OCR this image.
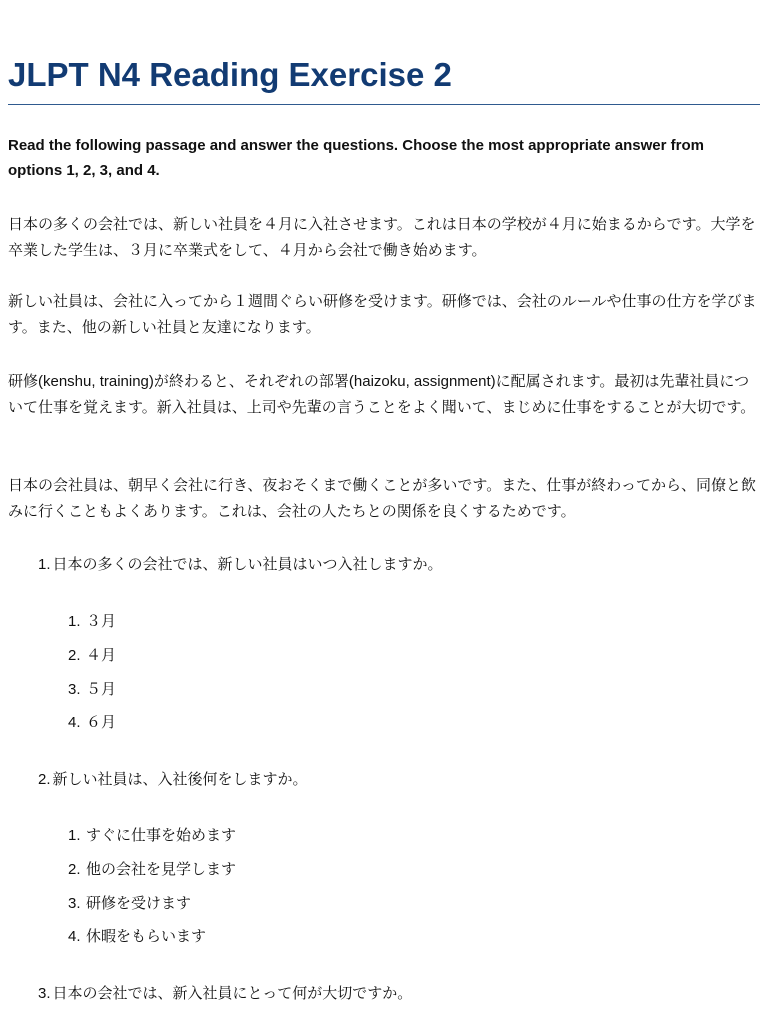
JLPT N4 Reading Exercise 2

Read the following passage and answer the questions. Choose the most appropriate answer from options 1, 2, 3, and 4.

日本の多くの会社では、新しい社員を４月に入社させます。これは日本の学校が４月に始まるからです。大学を卒業した学生は、３月に卒業式をして、４月から会社で働き始めます。

新しい社員は、会社に入ってから１週間ぐらい研修を受けます。研修では、会社のルールや仕事の仕方を学びます。また、他の新しい社員と友達になります。

研修(kenshu, training)が終わると、それぞれの部署(haizoku, assignment)に配属されます。最初は先輩社員について仕事を覚えます。新入社員は、上司や先輩の言うことをよく聞いて、まじめに仕事をすることが大切です。

日本の会社員は、朝早く会社に行き、夜おそくまで働くことが多いです。また、仕事が終わってから、同僚と飲みに行くこともよくあります。これは、会社の人たちとの関係を良くするためです。

1. 日本の多くの会社では、新しい社員はいつ入社しますか。
1. ３月
2. ４月
3. ５月
4. ６月
2. 新しい社員は、入社後何をしますか。
1. すぐに仕事を始めます
2. 他の会社を見学します
3. 研修を受けます
4. 休暇をもらいます
3. 日本の会社では、新入社員にとって何が大切ですか。
